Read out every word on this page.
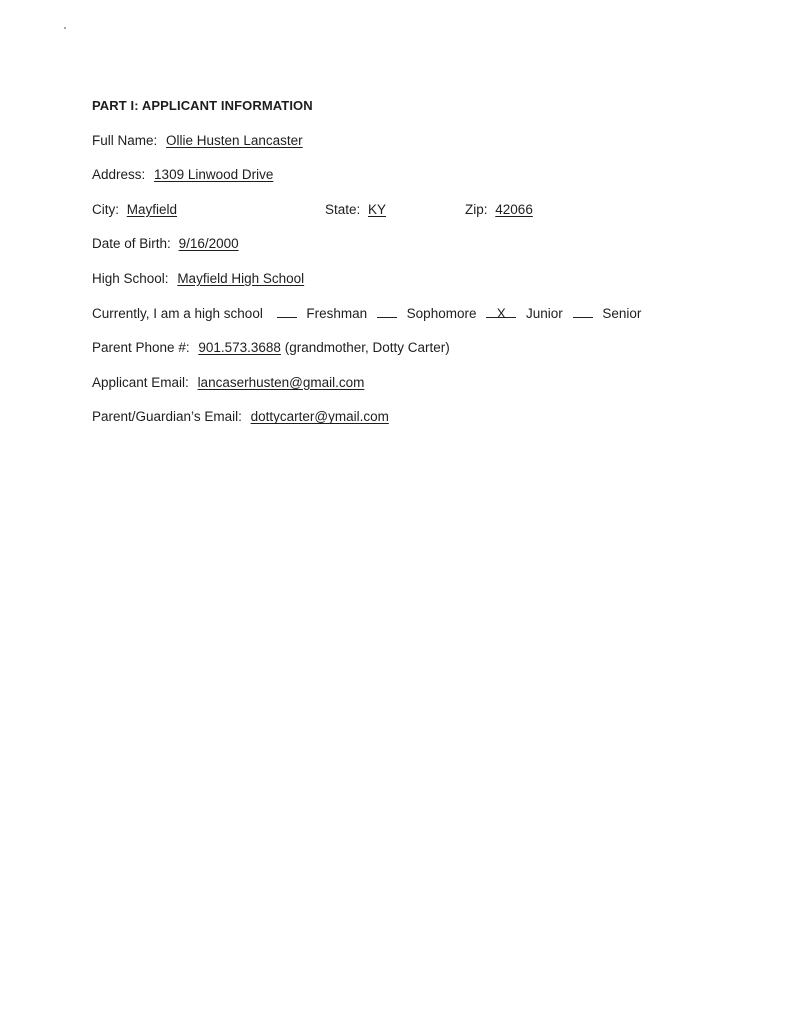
PART I: APPLICANT INFORMATION
Full Name: Ollie Husten Lancaster
Address: 1309 Linwood Drive
City: Mayfield	State: KY	Zip: 42066
Date of Birth: 9/16/2000
High School: Mayfield High School
Currently, I am a high school	Freshman	Sophomore X Junior	Senior
Parent Phone #: 901.573.3688 (grandmother, Dotty Carter)
Applicant Email: lancaserhusten@gmail.com
Parent/Guardian’s Email: dottycarter@ymail.com
